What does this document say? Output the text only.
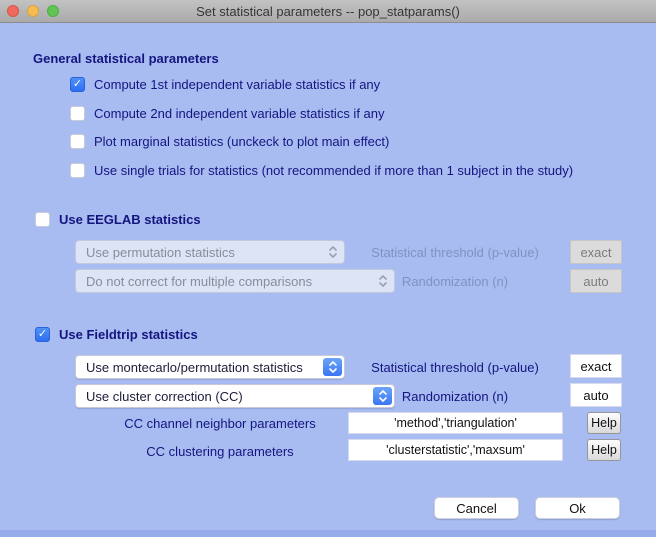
Set statistical parameters -- pop_statparams()
General statistical parameters
✓ Compute 1st independent variable statistics if any
Compute 2nd independent variable statistics if any
Plot marginal statistics (unckeck to plot main effect)
Use single trials for statistics (not recommended if more than 1 subject in the study)
Use EEGLAB statistics
Use permutation statistics	Statistical threshold (p-value)	exact
Do not correct for multiple comparisons	Randomization (n)	auto
✓ Use Fieldtrip statistics
Use montecarlo/permutation statistics	Statistical threshold (p-value)	exact
Use cluster correction (CC)	Randomization (n)	auto
CC channel neighbor parameters	'method','triangulation'	Help
CC clustering parameters	'clusterstatistic','maxsum'	Help
Cancel	Ok
